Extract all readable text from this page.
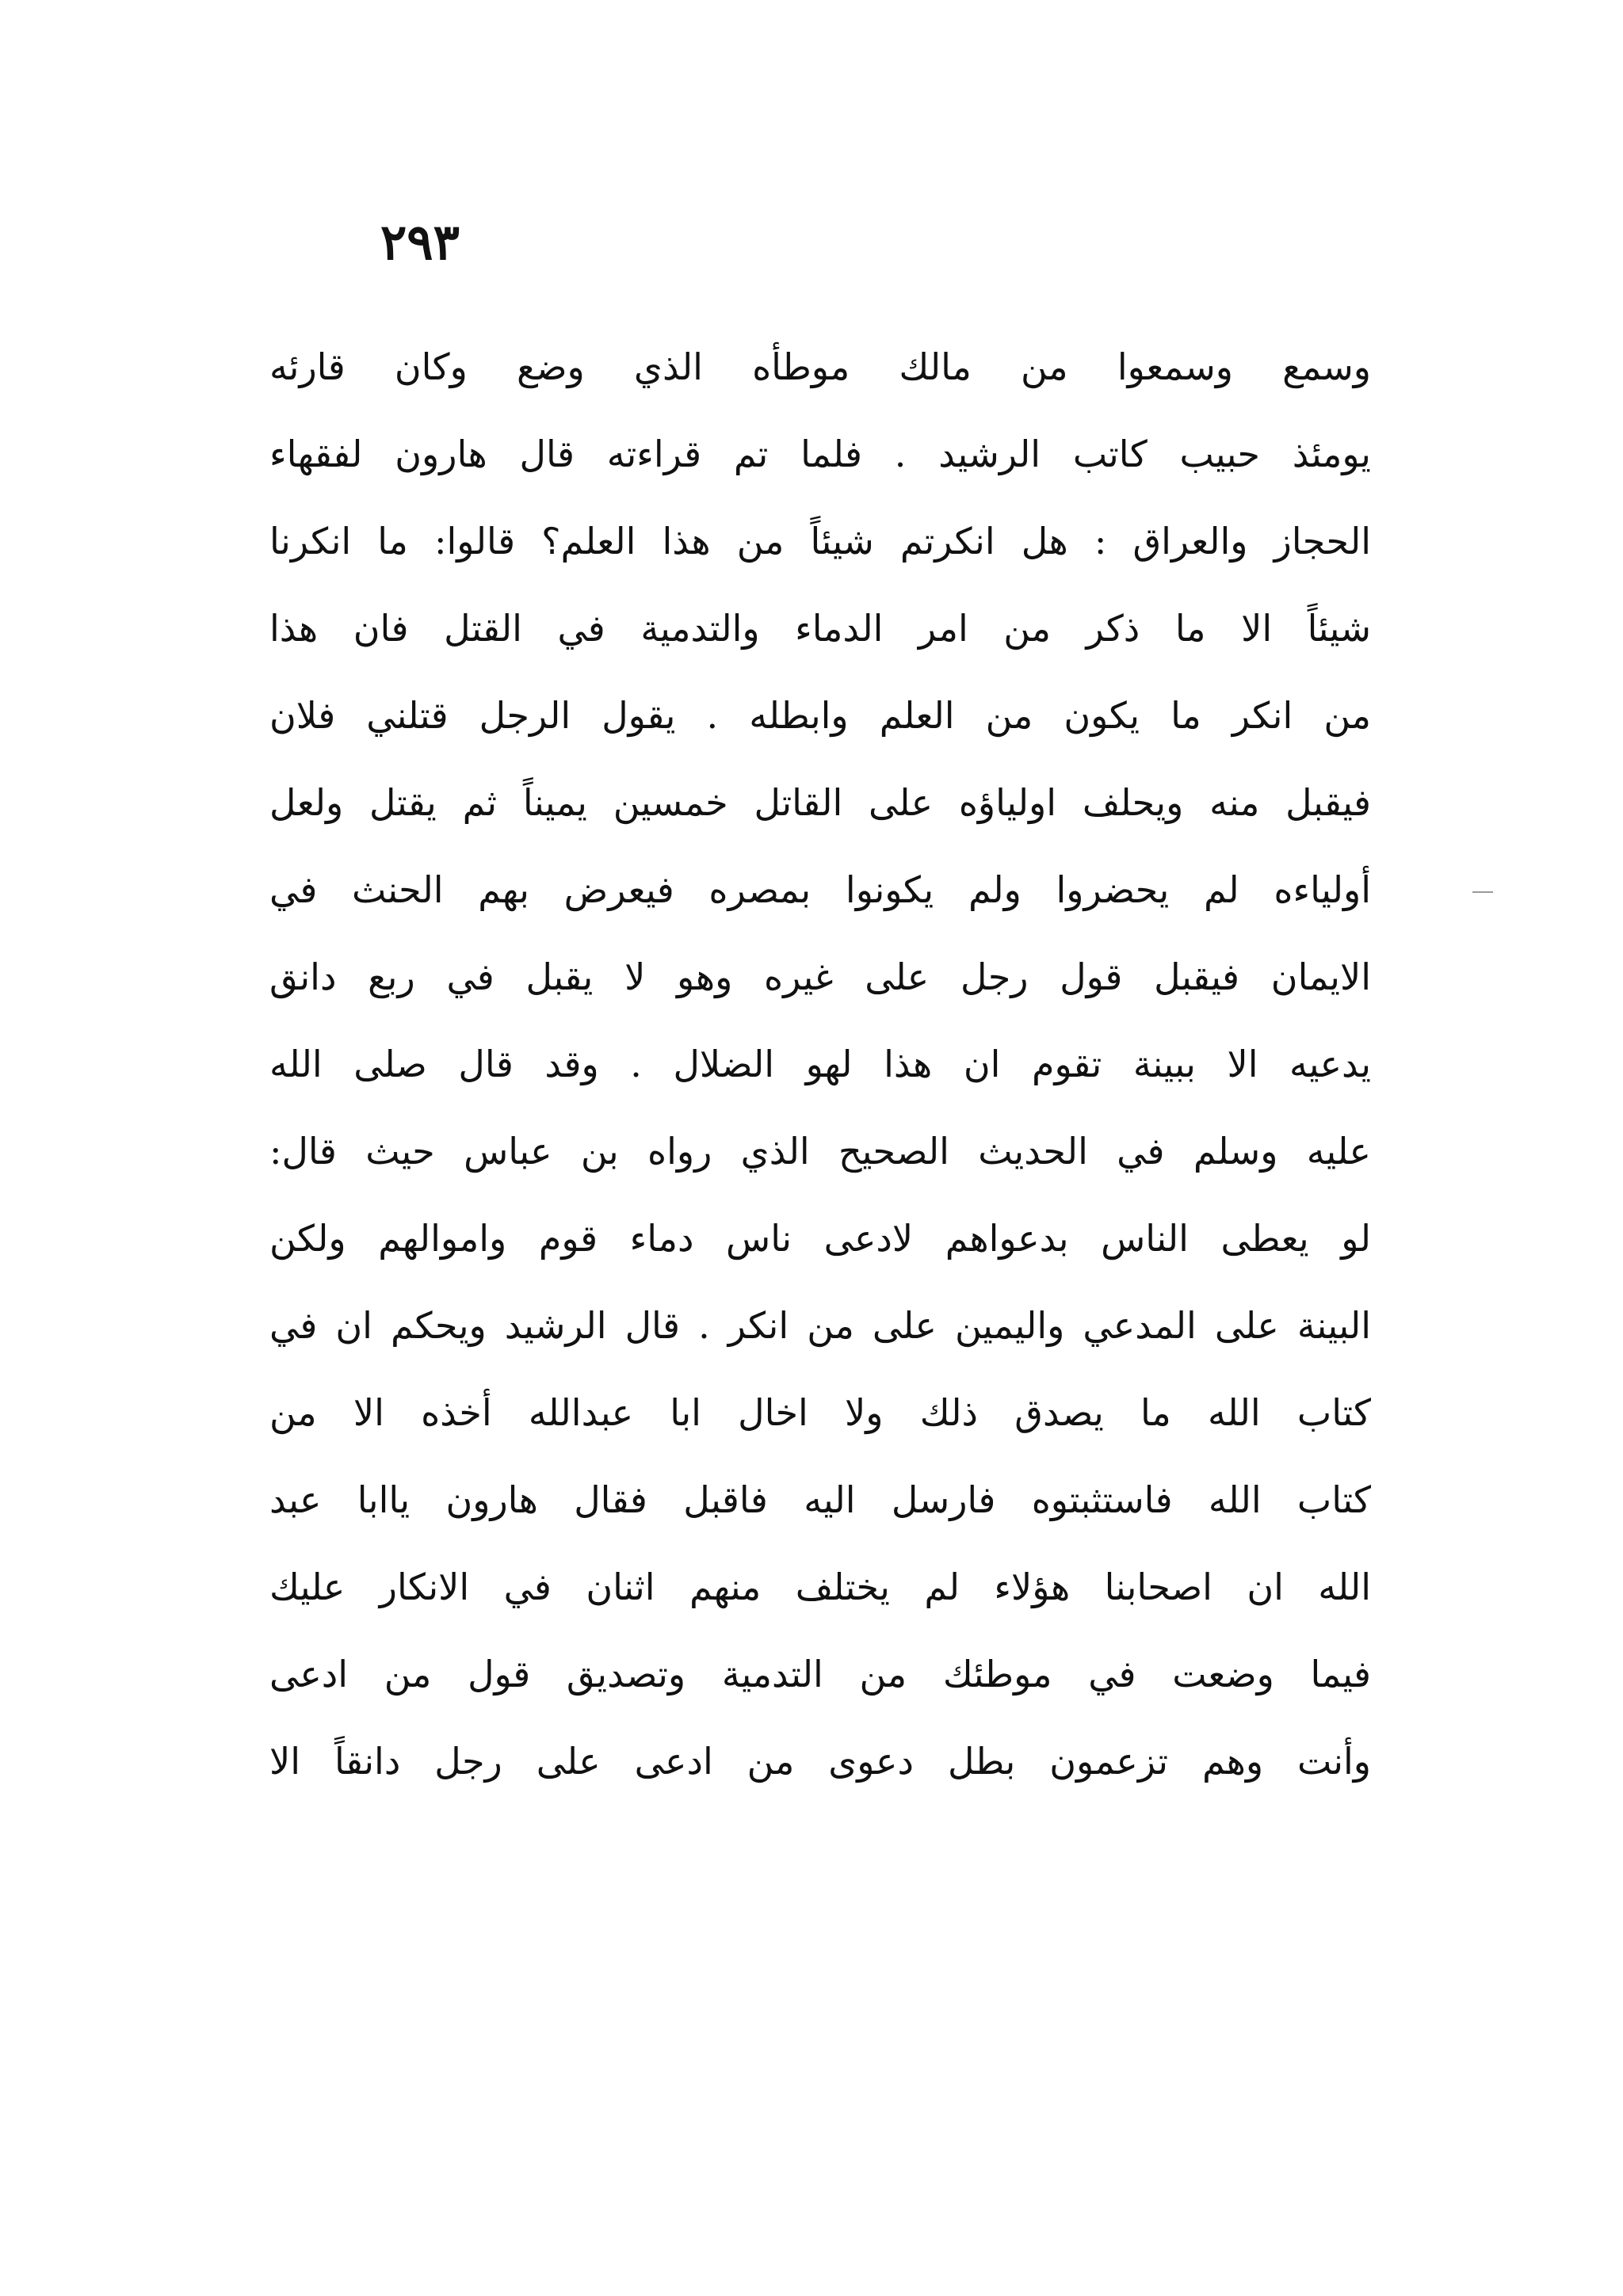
٢٩٣
وسمع وسمعوا من مالك موطأه الذي وضع وكان قارئه
يومئذ حبيب كاتب الرشيد . فلما تم قراءته قال هارون لفقهاء
الحجاز والعراق : هل انكرتم شيئاً من هذا العلم؟ قالوا: ما انكرنا
شيئاً الا ما ذكر من امر الدماء والتدمية في القتل فان هذا
من انكر ما يكون من العلم وابطله . يقول الرجل قتلني فلان
فيقبل منه ويحلف اولياؤه على القاتل خمسين يميناً ثم يقتل ولعل
أولياءه لم يحضروا ولم يكونوا بمصره فيعرض بهم الحنث في
الايمان فيقبل قول رجل على غيره وهو لا يقبل في ربع دانق
يدعيه الا ببينة تقوم ان هذا لهو الضلال . وقد قال صلى الله
عليه وسلم في الحديث الصحيح الذي رواه بن عباس حيث قال:
لو يعطى الناس بدعواهم لادعى ناس دماء قوم واموالهم ولكن
البينة على المدعي واليمين على من انكر . قال الرشيد ويحكم ان في
كتاب الله ما يصدق ذلك ولا اخال ابا عبدالله أخذه الا من
كتاب الله فاستثبتوه فارسل اليه فاقبل فقال هارون ياابا عبد
الله ان اصحابنا هؤلاء لم يختلف منهم اثنان في الانكار عليك
فيما وضعت في موطئك من التدمية وتصديق قول من ادعى
وأنت وهم تزعمون بطل دعوى من ادعى على رجل دانقاً الا
